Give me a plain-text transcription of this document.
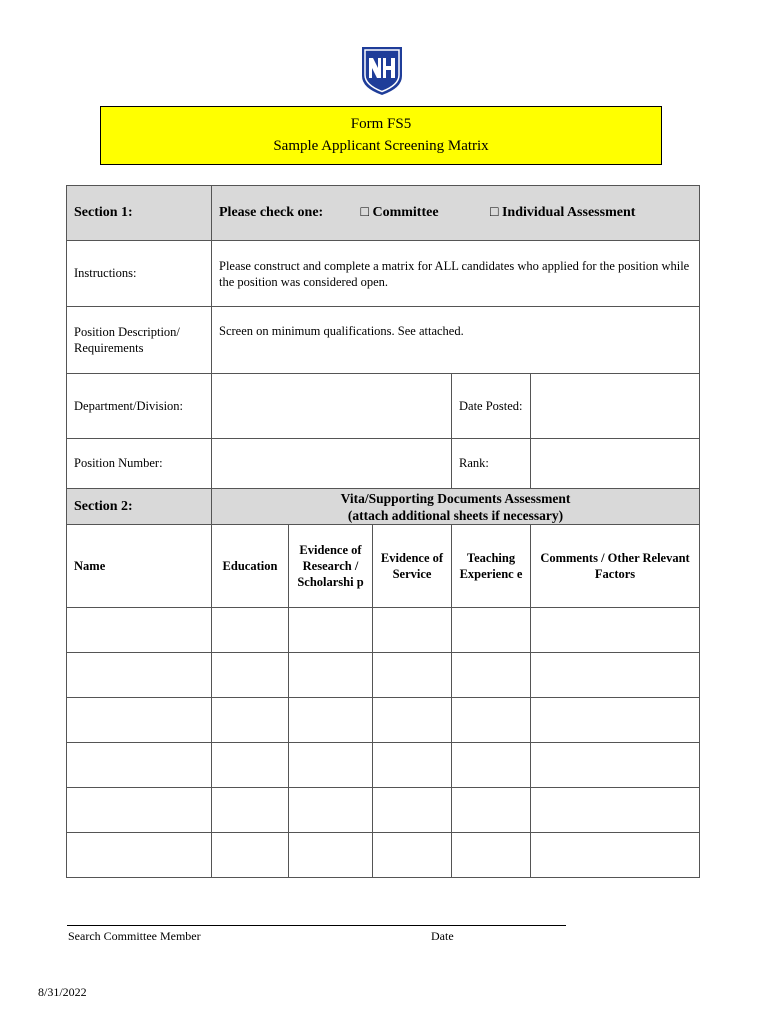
Form FS5
Sample Applicant Screening Matrix
Section 1:	Please check one: □ Committee □ Individual Assessment				
Instructions:	Please construct and complete a matrix for ALL candidates who applied for the position while the position was considered open.				
Position Description/ Requirements	Screen on minimum qualifications. See attached.				
Department/Division:				Date Posted:	
Position Number:				Rank:	
Section 2:	Vita/Supporting Documents Assessment
(attach additional sheets if necessary)				

Name	Education	Evidence of Research / Scholarshi p	Evidence of Service	Teaching Experienc e	Comments / Other Relevant Factors

Search Committee Member	Date
8/31/2022
